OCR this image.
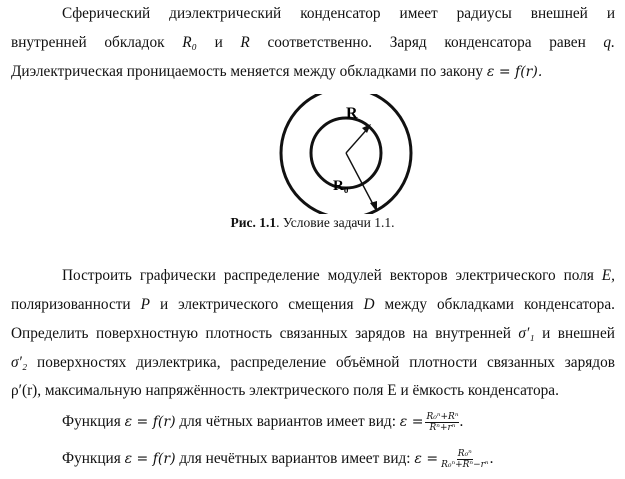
Сферический диэлектрический конденсатор имеет радиусы внешней и
внутренней обкладок R₀ и R соответственно. Заряд конденсатора равен q.
Диэлектрическая проницаемость меняется между обкладками по закону ε = f(r).
R
R₀
Рис. 1.1. Условие задачи 1.1.
Построить графически распределение модулей векторов электрического поля E,
поляризованности P и электрического смещения D между обкладками конденсатора.
Определить поверхностную плотность связанных зарядов на внутренней σ′₁ и внешней
σ′₂ поверхностях диэлектрика, распределение объёмной плотности связанных зарядов
ρ′(r), максимальную напряжённость электрического поля E и ёмкость конденсатора.
Функция ε = f(r) для чётных вариантов имеет вид: $\varepsilon = \frac{\text{R₀ⁿ+Rⁿ}}{\text{Rⁿ+rⁿ}}$ .
Функция ε = f(r) для нечётных вариантов имеет вид: $\varepsilon = \frac{\text{R₀ⁿ}}{\text{R₀ⁿ+Rⁿ−rⁿ}}$ .
